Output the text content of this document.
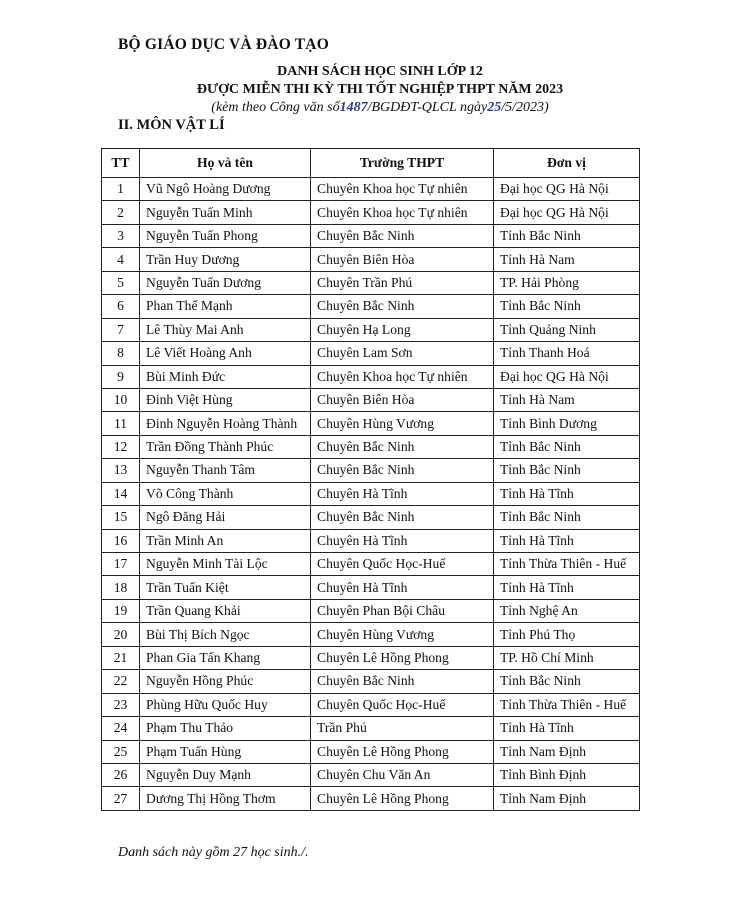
BỘ GIÁO DỤC VÀ ĐÀO TẠO
DANH SÁCH HỌC SINH LỚP 12
ĐƯỢC MIỄN THI KỲ THI TỐT NGHIỆP THPT NĂM 2023
(kèm theo Công văn số1487/BGDĐT-QLCL ngày25/5/2023)
II. MÔN VẬT LÍ
TT	Họ và tên	Trường THPT	Đơn vị
1	Vũ Ngô Hoàng Dương	Chuyên Khoa học Tự nhiên	Đại học QG Hà Nội
2	Nguyễn Tuấn Minh	Chuyên Khoa học Tự nhiên	Đại học QG Hà Nội
3	Nguyễn Tuấn Phong	Chuyên Bắc Ninh	Tỉnh Bắc Ninh
4	Trần Huy Dương	Chuyên Biên Hòa	Tỉnh Hà Nam
5	Nguyễn Tuấn Dương	Chuyên Trần Phú	TP. Hải Phòng
6	Phan Thế Mạnh	Chuyên Bắc Ninh	Tỉnh Bắc Ninh
7	Lê Thùy Mai Anh	Chuyên Hạ Long	Tỉnh Quảng Ninh
8	Lê Viết Hoàng Anh	Chuyên Lam Sơn	Tỉnh Thanh Hoá
9	Bùi Minh Đức	Chuyên Khoa học Tự nhiên	Đại học QG Hà Nội
10	Đinh Việt Hùng	Chuyên Biên Hòa	Tỉnh Hà Nam
11	Đinh Nguyễn Hoàng Thành	Chuyên Hùng Vương	Tỉnh Bình Dương
12	Trần Đồng Thành Phúc	Chuyên Bắc Ninh	Tỉnh Bắc Ninh
13	Nguyễn Thanh Tâm	Chuyên Bắc Ninh	Tỉnh Bắc Ninh
14	Võ Công Thành	Chuyên Hà Tĩnh	Tỉnh Hà Tĩnh
15	Ngô Đăng Hải	Chuyên Bắc Ninh	Tỉnh Bắc Ninh
16	Trần Minh An	Chuyên Hà Tĩnh	Tỉnh Hà Tĩnh
17	Nguyễn Minh Tài Lộc	Chuyên Quốc Học-Huế	Tỉnh Thừa Thiên - Huế
18	Trần Tuấn Kiệt	Chuyên Hà Tĩnh	Tỉnh Hà Tĩnh
19	Trần Quang Khải	Chuyên Phan Bội Châu	Tỉnh Nghệ An
20	Bùi Thị Bích Ngọc	Chuyên Hùng Vương	Tỉnh Phú Thọ
21	Phan Gia Tấn Khang	Chuyên Lê Hồng Phong	TP. Hồ Chí Minh
22	Nguyễn Hồng Phúc	Chuyên Bắc Ninh	Tỉnh Bắc Ninh
23	Phùng Hữu Quốc Huy	Chuyên Quốc Học-Huế	Tỉnh Thừa Thiên - Huế
24	Phạm Thu Thảo	Trần Phú	Tỉnh Hà Tĩnh
25	Phạm Tuấn Hùng	Chuyên Lê Hồng Phong	Tỉnh Nam Định
26	Nguyễn Duy Mạnh	Chuyên Chu Văn An	Tỉnh Bình Định
27	Dương Thị Hồng Thơm	Chuyên Lê Hồng Phong	Tỉnh Nam Định
Danh sách này gồm 27 học sinh./.
